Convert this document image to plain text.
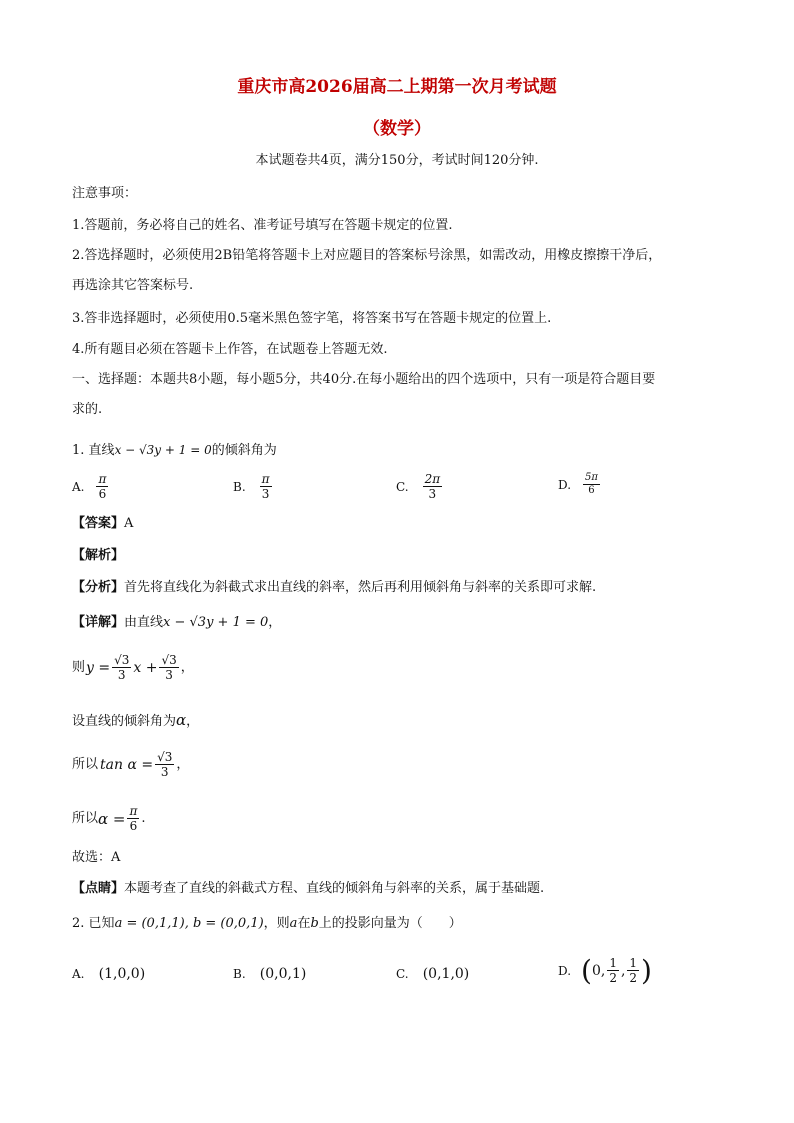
重庆市高2026届高二上期第一次月考试题
（数学）
本试题卷共4页，满分150分，考试时间120分钟.
注意事项：
1.答题前，务必将自己的姓名、准考证号填写在答题卡规定的位置.
2.答选择题时，必须使用2B铅笔将答题卡上对应题目的答案标号涂黑，如需改动，用橡皮擦擦干净后，
再选涂其它答案标号.
3.答非选择题时，必须使用0.5毫米黑色签字笔，将答案书写在答题卡规定的位置上.
4.所有题目必须在答题卡上作答，在试题卷上答题无效.
一、选择题：本题共8小题，每小题5分，共40分.在每小题给出的四个选项中，只有一项是符合题目要
求的.
1. 直线x − √3y + 1 = 0的倾斜角为
A. $\frac{\pi}{6}$	B. $\frac{\pi}{3}$	C. $\frac{2\pi}{3}$	D. $\frac{5\pi}{6}$
【答案】A
【解析】
【分析】首先将直线化为斜截式求出直线的斜率，然后再利用倾斜角与斜率的关系即可求解.
【详解】由直线x − √3y + 1 = 0，
则 $y = \frac{√3}{3}$ $x + \frac{√3}{3}$ ，
设直线的倾斜角为α，
所以 $\tan \alpha = \frac{√3}{3}$ ，
所以 $\alpha = \frac{\pi}{6}$ .
故选：A
【点睛】本题考查了直线的斜截式方程、直线的倾斜角与斜率的关系，属于基础题.
2. 已知a = (0,1,1), b = (0,0,1)，则a在b上的投影向量为（　　）
A. (1,0,0)	B. (0,0,1)	C. (0,1,0)	D. ( 0, $\frac{1}{2}$ , $\frac{1}{2}$ )
